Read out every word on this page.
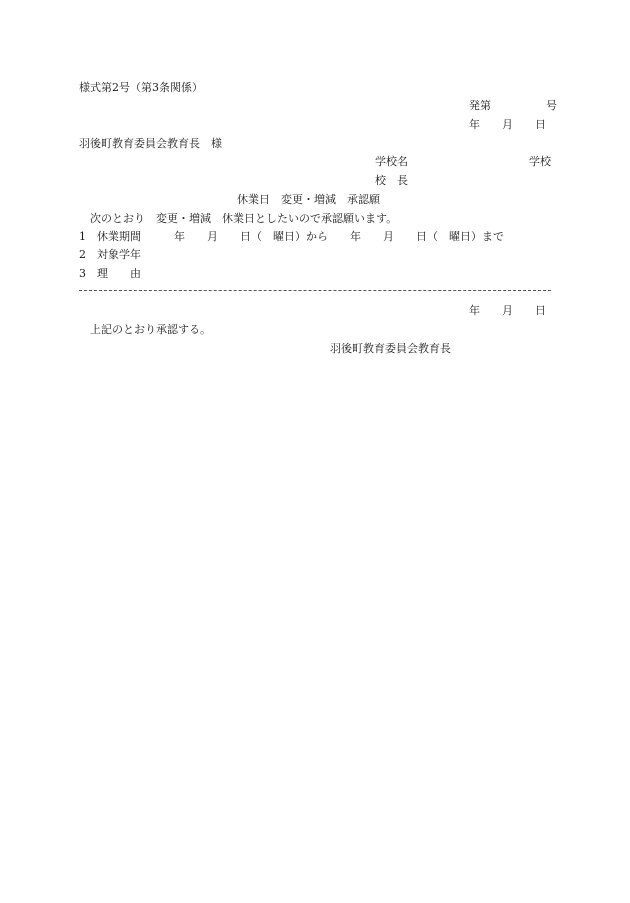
様式第2号（第3条関係）
発第　　　　　号
年　　月　　日
羽後町教育委員会教育長　様
学校名　　　　　　　　　　　学校
校　長
休業日　変更・増減　承認願
次のとおり　変更・増減　休業日としたいので承認願います。
1　休業期間　　　年　　月　　日（　曜日）から　　年　　月　　日（　曜日）まで
2　対象学年
3　理　　由
年　　月　　日
上記のとおり承認する。
羽後町教育委員会教育長
